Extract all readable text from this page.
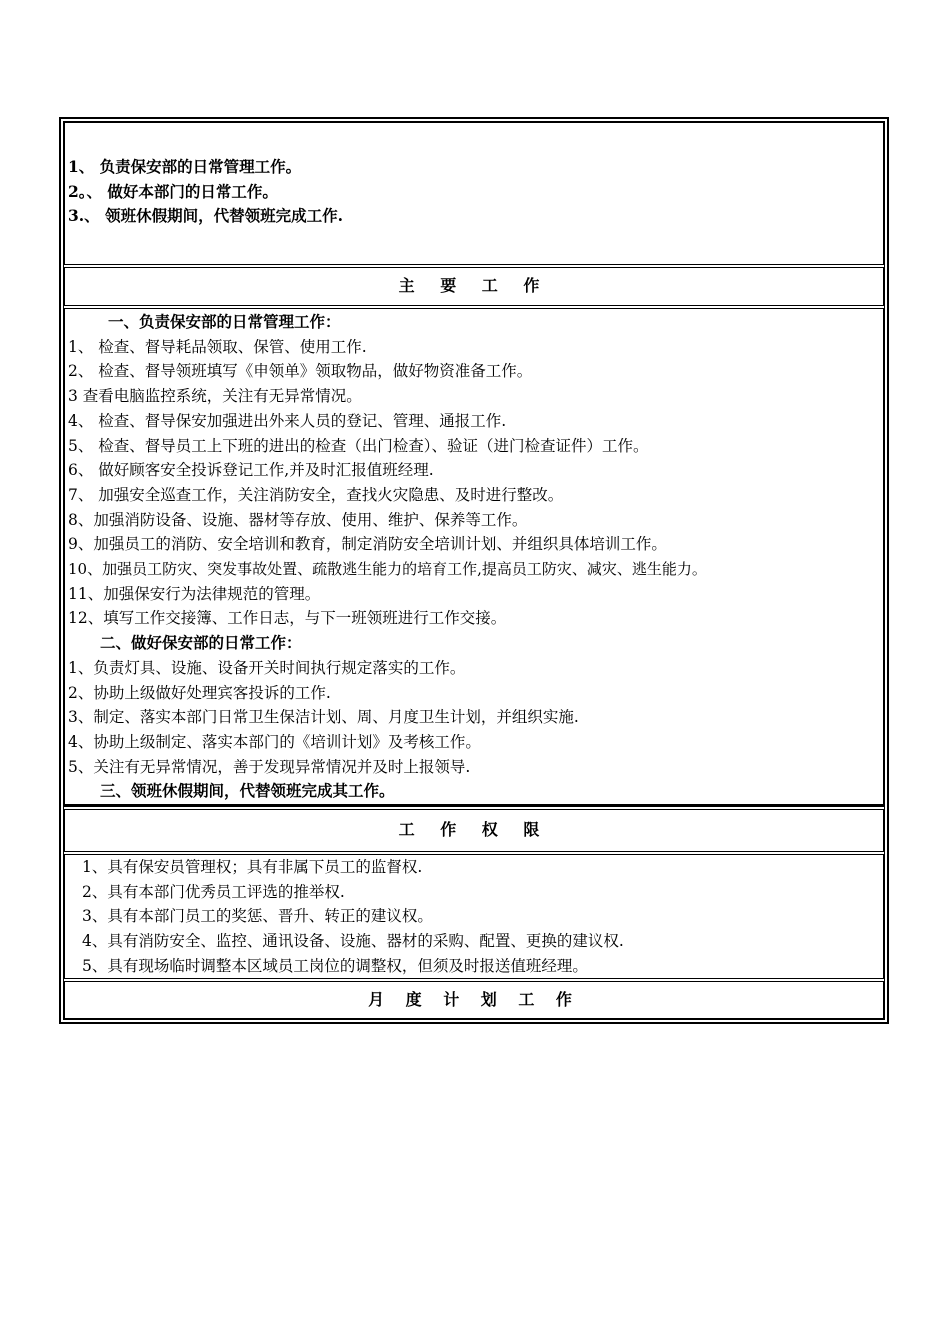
1、 负责保安部的日常管理工作。
2。、 做好本部门的日常工作。
3.、 领班休假期间，代替领班完成工作.
主 要 工 作
一、负责保安部的日常管理工作：
1、 检查、督导耗品领取、保管、使用工作.
2、 检查、督导领班填写《申领单》领取物品，做好物资准备工作。
3 查看电脑监控系统，关注有无异常情况。
4、 检查、督导保安加强进出外来人员的登记、管理、通报工作.
5、 检查、督导员工上下班的进出的检查（出门检查）、验证（进门检查证件）工作。
6、 做好顾客安全投诉登记工作,并及时汇报值班经理.
7、 加强安全巡查工作，关注消防安全，查找火灾隐患、及时进行整改。
8、加强消防设备、设施、器材等存放、使用、维护、保养等工作。
9、加强员工的消防、安全培训和教育，制定消防安全培训计划、并组织具体培训工作。
10、加强员工防灾、突发事故处置、疏散逃生能力的培育工作,提高员工防灾、减灾、逃生能力。
11、加强保安行为法律规范的管理。
12、填写工作交接簿、工作日志，与下一班领班进行工作交接。
二、做好保安部的日常工作：
1、负责灯具、设施、设备开关时间执行规定落实的工作。
2、协助上级做好处理宾客投诉的工作.
3、制定、落实本部门日常卫生保洁计划、周、月度卫生计划，并组织实施.
4、协助上级制定、落实本部门的《培训计划》及考核工作。
5、关注有无异常情况，善于发现异常情况并及时上报领导.
三、领班休假期间，代替领班完成其工作。
工 作 权 限
1、具有保安员管理权；具有非属下员工的监督权.
2、具有本部门优秀员工评选的推举权.
3、具有本部门员工的奖惩、晋升、转正的建议权。
4、具有消防安全、监控、通讯设备、设施、器材的采购、配置、更换的建议权.
5、具有现场临时调整本区域员工岗位的调整权，但须及时报送值班经理。
月 度 计 划 工 作
